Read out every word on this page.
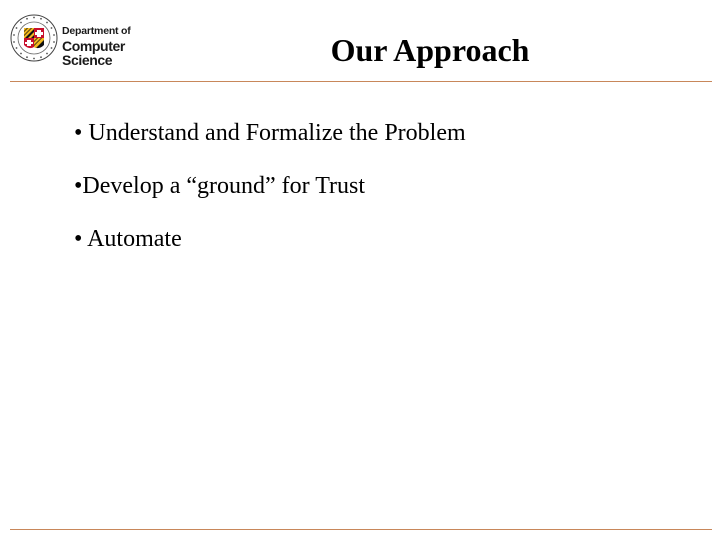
Department of
Computer Science	Our Approach
• Understand and Formalize the Problem
•Develop a “ground” for Trust
• Automate
